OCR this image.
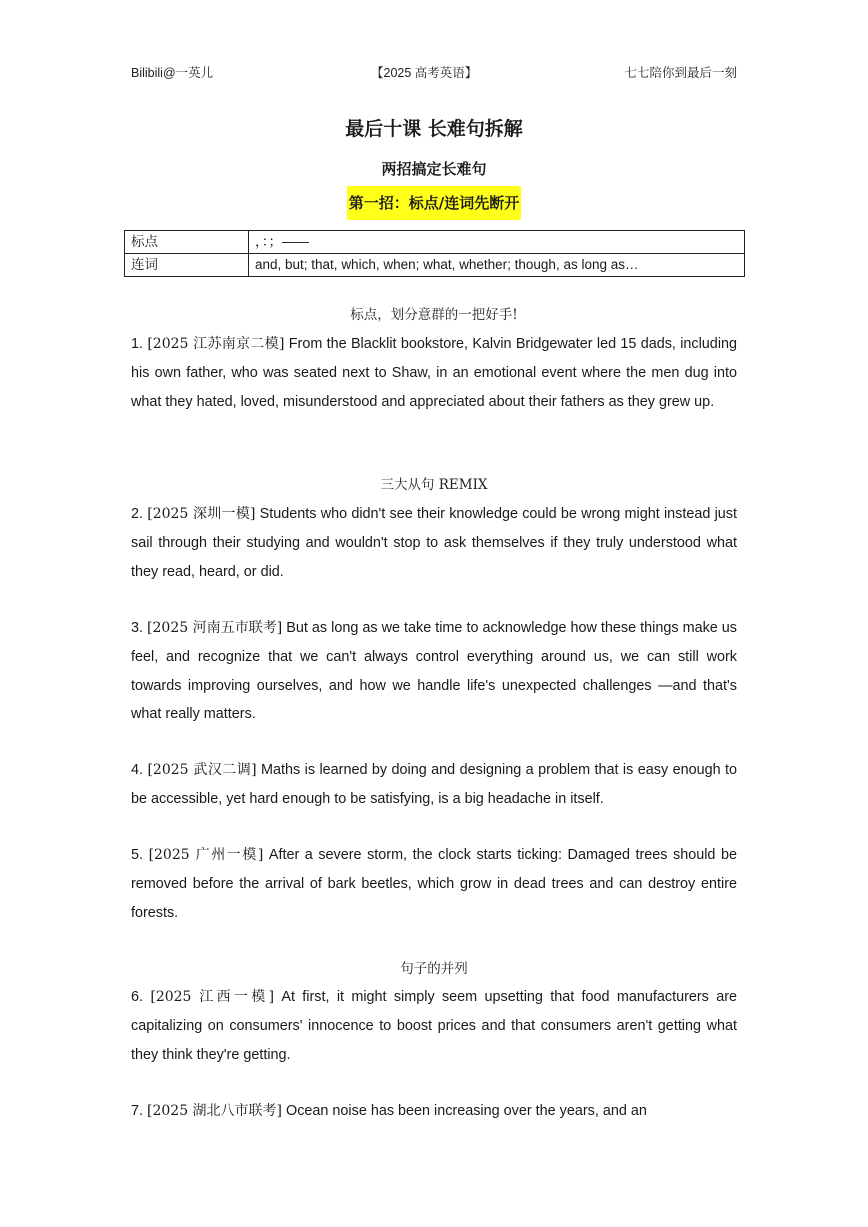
Bilibili@一英儿	【2025 高考英语】	七七陪你到最后一刻
最后十课 长难句拆解
两招搞定长难句
第一招：标点/连词先断开
标点	，：；——
连词	and, but; that, which, when; what, whether; though, as long as…
标点，划分意群的一把好手!
1. [2025 江苏南京二模] From the Blacklit bookstore, Kalvin Bridgewater led 15 dads, including his own father, who was seated next to Shaw, in an emotional event where the men dug into what they hated, loved, misunderstood and appreciated about their fathers as they grew up.
三大从句 REMIX
2. [2025 深圳一模] Students who didn't see their knowledge could be wrong might instead just sail through their studying and wouldn't stop to ask themselves if they truly understood what they read, heard, or did.
3. [2025 河南五市联考] But as long as we take time to acknowledge how these things make us feel, and recognize that we can't always control everything around us, we can still work towards improving ourselves, and how we handle life's unexpected challenges —and that's what really matters.
4. [2025 武汉二调] Maths is learned by doing and designing a problem that is easy enough to be accessible, yet hard enough to be satisfying, is a big headache in itself.
5. [2025 广州一模] After a severe storm, the clock starts ticking: Damaged trees should be removed before the arrival of bark beetles, which grow in dead trees and can destroy entire forests.
句子的并列
6. [2025 江西一模] At first, it might simply seem upsetting that food manufacturers are capitalizing on consumers' innocence to boost prices and that consumers aren't getting what they think they're getting.
7. [2025 湖北八市联考] Ocean noise has been increasing over the years, and an
